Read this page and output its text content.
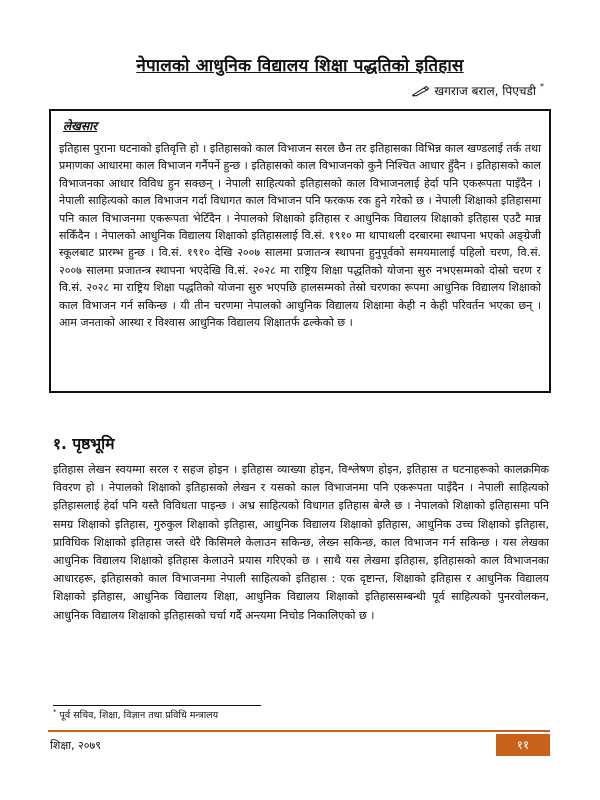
नेपालको आधुनिक विद्यालय शिक्षा पद्धतिको इतिहास
खगराज बराल, पिएचडी *
लेखसार

इतिहास पुराना घटनाको इतिवृत्ति हो । इतिहासको काल विभाजन सरल छैन तर इतिहासका विभिन्न काल खण्डलाई तर्क तथा प्रमाणका आधारमा काल विभाजन गर्नैपर्ने हुन्छ । इतिहासको काल विभाजनको कुनै निश्चित आधार हुँदैन । इतिहासको काल विभाजनका आधार विविध हुन सक्छन् । नेपाली साहित्यको इतिहासको काल विभाजनलाई हेर्दा पनि एकरूपता पाइँदैन । नेपाली साहित्यको काल विभाजन गर्दा विधागत काल विभाजन पनि फरकफ रक हुने गरेको छ । नेपाली शिक्षाको इतिहासमा पनि काल विभाजनमा एकरूपता भेटिँदैन । नेपालको शिक्षाको इतिहास र आधुनिक विद्यालय शिक्षाको इतिहास एउटै मान्न सकिँदैन । नेपालको आधुनिक विद्यालय शिक्षाको इतिहासलाई वि.सं. १९१० मा थापाथली दरबारमा स्थापना भएको अङ्ग्रेजी स्कूलबाट प्रारम्भ हुन्छ । वि.सं. १९१० देखि २००७ सालमा प्रजातन्त्र स्थापना हुनुपूर्वको समयमालाई पहिलो चरण, वि.सं. २००७ सालमा प्रजातन्त्र स्थापना भएदेखि वि.सं. २०२८ मा राष्ट्रिय शिक्षा पद्धतिको योजना सुरु नभएसम्मको दोस्रो चरण र वि.सं. २०२८ मा राष्ट्रिय शिक्षा पद्धतिको योजना सुरु भएपछि हालसम्मको तेस्रो चरणका रूपमा आधुनिक विद्यालय शिक्षाको काल विभाजन गर्न सकिन्छ । यी तीन चरणमा नेपालको आधुनिक विद्यालय शिक्षामा केही न केही परिवर्तन भएका छन् । आम जनताको आस्था र विश्वास आधुनिक विद्यालय शिक्षातर्फ ढल्केको छ ।

१. पृष्ठभूमि

इतिहास लेखन स्वयम्मा सरल र सहज होइन । इतिहास व्याख्या होइन, विश्लेषण होइन, इतिहास त घटनाहरूको कालक्रमिक विवरण हो । नेपालको शिक्षाको इतिहासको लेखन र यसको काल विभाजनमा पनि एकरूपता पाइँदैन । नेपाली साहित्यको इतिहासलाई हेर्दा पनि यस्तै विविधता पाइन्छ । अभ्र साहित्यको विधागत इतिहास बेग्लै छ । नेपालको शिक्षाको इतिहासमा पनि समग्र शिक्षाको इतिहास, गुरुकुल शिक्षाको इतिहास, आधुनिक विद्यालय शिक्षाको इतिहास, आधुनिक उच्च शिक्षाको इतिहास, प्राविधिक शिक्षाको इतिहास जस्ते धेरै किसिमले केलाउन सकिन्छ, लेख्न सकिन्छ, काल विभाजन गर्न सकिन्छ । यस लेखका आधुनिक विद्यालय शिक्षाको इतिहास केलाउने प्रयास गरिएको छ । साथै यस लेखमा इतिहास, इतिहासको काल विभाजनका आधारहरू, इतिहासको काल विभाजनमा नेपाली साहित्यको इतिहास : एक दृष्टान्त, शिक्षाको इतिहास र आधुनिक विद्यालय शिक्षाको इतिहास, आधुनिक विद्यालय शिक्षा, आधुनिक विद्यालय शिक्षाको इतिहाससम्बन्धी पूर्व साहित्यको पुनरवोलकन, आधुनिक विद्यालय शिक्षाको इतिहासको चर्चा गर्दै अन्त्यमा निचोड निकालिएको छ ।

* पूर्व सचिव, शिक्षा, विज्ञान तथा प्रविधि मन्त्रालय
शिक्षा, २०७९	११
